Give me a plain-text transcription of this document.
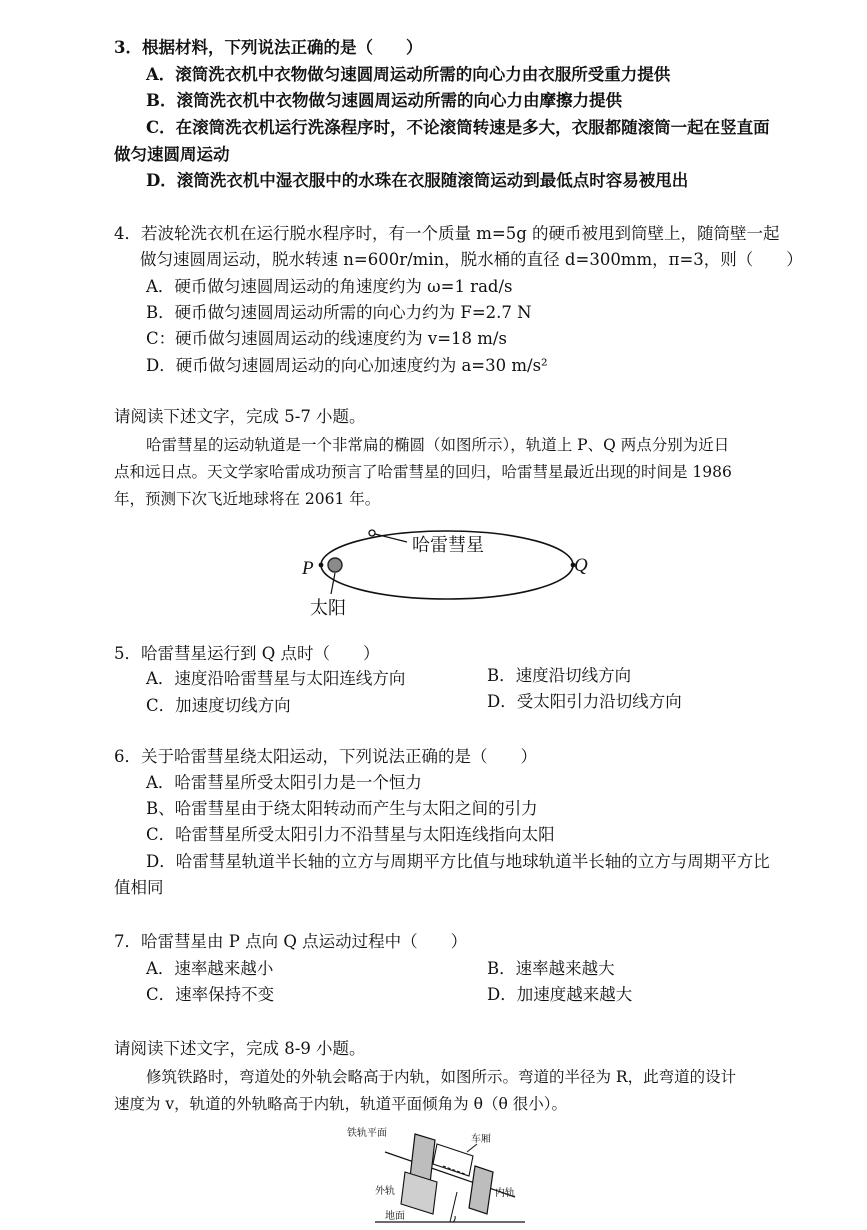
3．根据材料，下列说法正确的是（　　）
A．滚筒洗衣机中衣物做匀速圆周运动所需的向心力由衣服所受重力提供
B．滚筒洗衣机中衣物做匀速圆周运动所需的向心力由摩擦力提供
C．在滚筒洗衣机运行洗涤程序时，不论滚筒转速是多大，衣服都随滚筒一起在竖直面
做匀速圆周运动
D．滚筒洗衣机中湿衣服中的水珠在衣服随滚筒运动到最低点时容易被甩出
4．若波轮洗衣机在运行脱水程序时，有一个质量 m=5g 的硬币被甩到筒壁上，随筒壁一起
做匀速圆周运动，脱水转速 n=600r/min，脱水桶的直径 d=300mm，π=3，则（　　）
A．硬币做匀速圆周运动的角速度约为 ω=1 rad/s
B．硬币做匀速圆周运动所需的向心力约为 F=2.7 N
C：硬币做匀速圆周运动的线速度约为 v=18 m/s
D．硬币做匀速圆周运动的向心加速度约为 a=30 m/s²
请阅读下述文字，完成 5-7 小题。
哈雷彗星的运动轨道是一个非常扁的椭圆（如图所示），轨道上 P、Q 两点分别为近日
点和远日点。天文学家哈雷成功预言了哈雷彗星的回归，哈雷彗星最近出现的时间是 1986
年，预测下次飞近地球将在 2061 年。
哈雷彗星
太阳
P	Q
5．哈雷彗星运行到 Q 点时（　　）
A．速度沿哈雷彗星与太阳连线方向	B．速度沿切线方向
C．加速度切线方向	D．受太阳引力沿切线方向
6．关于哈雷彗星绕太阳运动，下列说法正确的是（　　）
A．哈雷彗星所受太阳引力是一个恒力
B、哈雷彗星由于绕太阳转动而产生与太阳之间的引力
C．哈雷彗星所受太阳引力不沿彗星与太阳连线指向太阳
D．哈雷彗星轨道半长轴的立方与周期平方比值与地球轨道半长轴的立方与周期平方比
值相同
7．哈雷彗星由 P 点向 Q 点运动过程中（　　）
A．速率越来越小	B．速率越来越大
C．速率保持不变	D．加速度越来越大
请阅读下述文字，完成 8-9 小题。
修筑铁路时，弯道处的外轨会略高于内轨，如图所示。弯道的半径为 R，此弯道的设计
速度为 v，轨道的外轨略高于内轨，轨道平面倾角为 θ（θ 很小）。
铁轨平面
车厢
外轨	内轨
地面
